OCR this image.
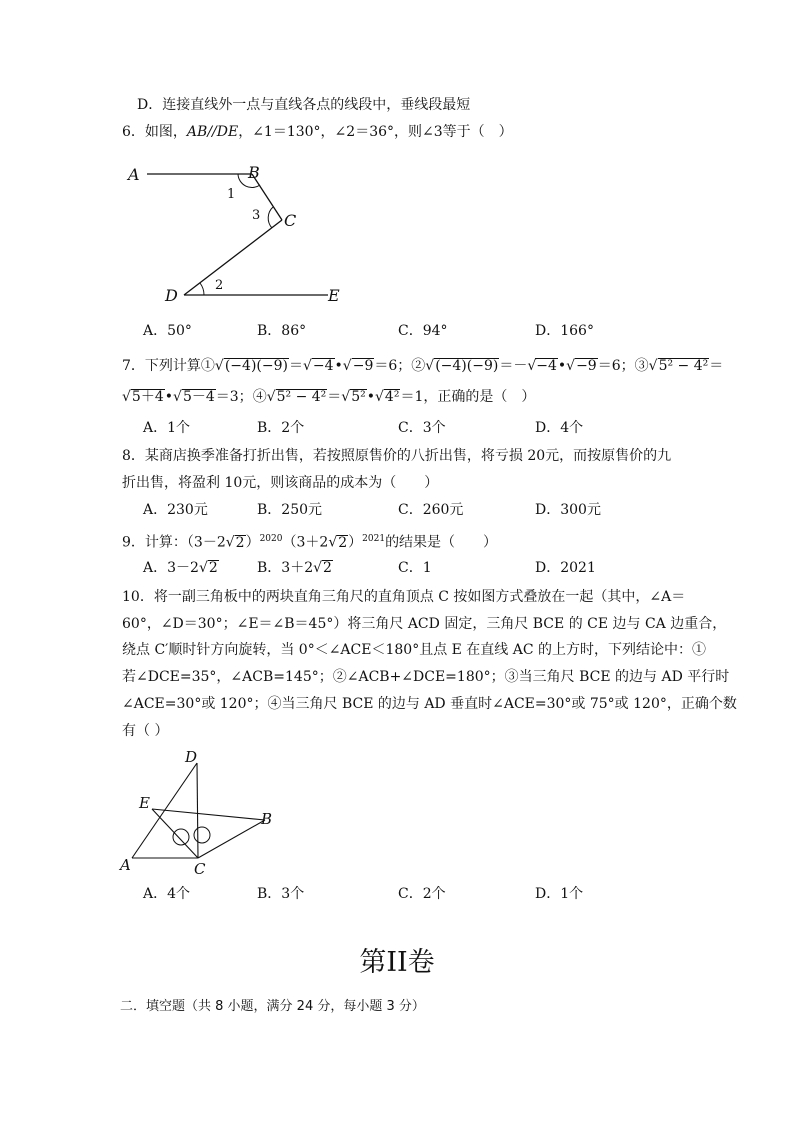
D．连接直线外一点与直线各点的线段中，垂线段最短
6．如图，AB//DE，∠1＝130°，∠2＝36°，则∠3等于（　）
A	B
C
D	E
1
3
2
A．50°	B．86°	C．94°	D．166°
7．下列计算①√(−4)(−9)＝√−4•√−9＝6；②√(−4)(−9)＝－√−4•√−9＝6；③√5² − 4²＝
√5＋4•√5－4＝3；④√5² − 4²＝√5²•√4²＝1，正确的是（　）
A．1个	B．2个	C．3个	D．4个
8．某商店换季准备打折出售，若按照原售价的八折出售，将亏损 20元，而按原售价的九
折出售，将盈利 10元，则该商品的成本为（　　）
A．230元	B．250元	C．260元	D．300元
9．计算：$(3-2√2)^{2020}(3+2√2)^{2021}$的结果是（　　）
A．3－2√2	B．3＋2√2	C．1	D．2021
10．将一副三角板中的两块直角三角尺的直角顶点 C 按如图方式叠放在一起（其中，∠A＝
60°，∠D＝30°；∠E＝∠B＝45°）将三角尺 ACD 固定，三角尺 BCE 的 CE 边与 CA 边重合，
绕点 C′顺时针方向旋转，当 0°＜∠ACE＜180°且点 E 在直线 AC 的上方时，下列结论中：①
若∠DCE=35°，∠ACB=145°；②∠ACB+∠DCE=180°；③当三角尺 BCE 的边与 AD 平行时
∠ACE=30°或 120°；④当三角尺 BCE 的边与 AD 垂直时∠ACE=30°或 75°或 120°，正确个数
有（ ）
D
E
B
A	C
A．4个	B．3个	C．2个	D．1个
第II卷
二．填空题（共 8 小题，满分 24 分，每小题 3 分）
